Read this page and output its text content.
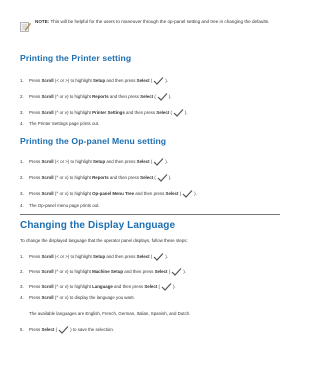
NOTE: This will be helpful for the users to maneuver through the op-panel setting and tree in changing the defaults.
Printing the Printer setting
1. Press Scroll (< or >) to highlight Setup and then press Select (	).
2. Press Scroll (^ or v) to highlight Reports and then press Select (	).
3. Press Scroll (^ or v) to highlight Printer Settings and then press Select (	).
4. The Printer Settings page prints out.
Printing the Op-panel Menu setting
1. Press Scroll (< or >) to highlight Setup and then press Select (	).
2. Press Scroll (^ or v) to highlight Reports and then press Select (	).
3. Press Scroll (^ or v) to highlight Op-panel Menu Tree and then press Select (	).
4. The Op-panel menu page prints out.
Changing the Display Language
To change the displayed language that the operator panel displays, follow these steps:
1. Press Scroll (< or >) to highlight Setup and then press Select (	).
2. Press Scroll (^ or v) to highlight Machine Setup and then press Select (	).
3. Press Scroll (^ or v) to highlight Language and then press Select (	).
4. Press Scroll (^ or v) to display the language you want.
The available languages are English, French, German, Italian, Spanish, and Dutch.
5. Press Select (	) to save the selection.
